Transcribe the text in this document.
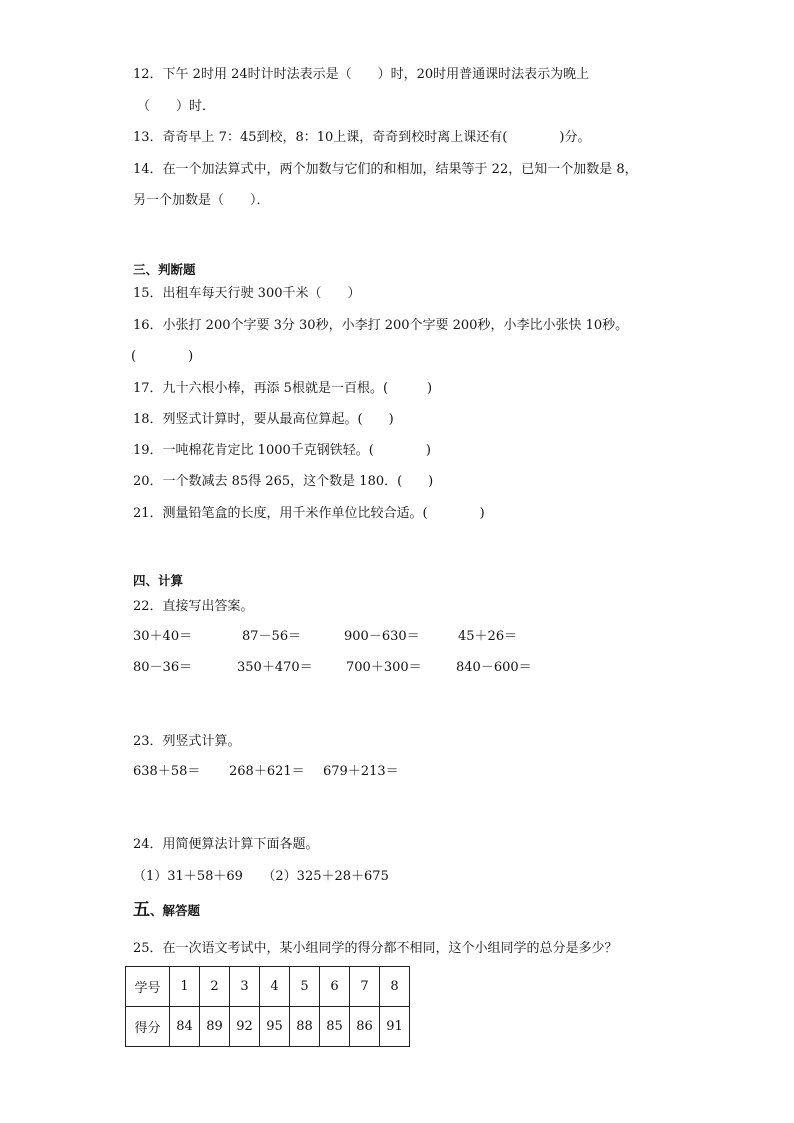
12．下午 2时用 24时计时法表示是（　　）时，20时用普通课时法表示为晚上
（　　）时．
13．奇奇早上 7：45到校，8：10上课，奇奇到校时离上课还有(　　　　)分。
14．在一个加法算式中，两个加数与它们的和相加，结果等于 22，已知一个加数是 8，
另一个加数是（　　）．
三、判断题
15．出租车每天行驶 300千米（　　）
16．小张打 200个字要 3分 30秒，小李打 200个字要 200秒，小李比小张快 10秒。
(　　　　)
17．九十六根小棒，再添 5根就是一百根。(　　　)
18．列竖式计算时，要从最高位算起。(　　)
19．一吨棉花肯定比 1000千克钢铁轻。(　　　　)
20．一个数减去 85得 265，这个数是 180．(　　)
21．测量铅笔盒的长度，用千米作单位比较合适。(　　　　)
四、计算
22．直接写出答案。
30＋40＝	87－56＝	900－630＝	45＋26＝
80－36＝	350＋470＝	700＋300＝	840－600＝
23．列竖式计算。
638＋58＝ 268＋621＝ 679＋213＝
24．用简便算法计算下面各题。
（1）31＋58＋69　　（2）325＋28＋675
五、解答题
25．在一次语文考试中，某小组同学的得分都不相同，这个小组同学的总分是多少？
学号	1	2	3	4	5	6	7	8
得分	84	89	92	95	88	85	86	91
